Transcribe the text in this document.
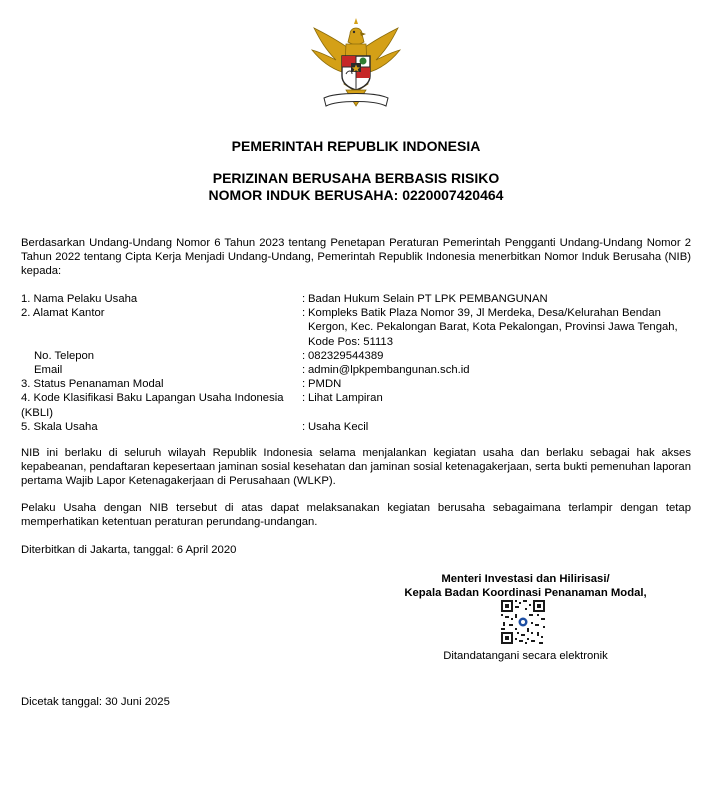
PEMERINTAH REPUBLIK INDONESIA
PERIZINAN BERUSAHA BERBASIS RISIKO
NOMOR INDUK BERUSAHA: 0220007420464
Berdasarkan Undang-Undang Nomor 6 Tahun 2023 tentang Penetapan Peraturan Pemerintah Pengganti Undang-Undang Nomor 2 Tahun 2022 tentang Cipta Kerja Menjadi Undang-Undang, Pemerintah Republik Indonesia menerbitkan Nomor Induk Berusaha (NIB) kepada:
1. Nama Pelaku Usaha	: Badan Hukum Selain PT LPK PEMBANGUNAN
2. Alamat Kantor	: Kompleks Batik Plaza Nomor 39, Jl Merdeka, Desa/Kelurahan Bendan Kergon, Kec. Pekalongan Barat, Kota Pekalongan, Provinsi Jawa Tengah, Kode Pos: 51113
No. Telepon	: 082329544389
Email	: admin@lpkpembangunan.sch.id
3. Status Penanaman Modal	: PMDN
4. Kode Klasifikasi Baku Lapangan Usaha Indonesia (KBLI)
: Lihat Lampiran
5. Skala Usaha	: Usaha Kecil
NIB ini berlaku di seluruh wilayah Republik Indonesia selama menjalankan kegiatan usaha dan berlaku sebagai hak akses kepabeanan, pendaftaran kepesertaan jaminan sosial kesehatan dan jaminan sosial ketenagakerjaan, serta bukti pemenuhan laporan pertama Wajib Lapor Ketenagakerjaan di Perusahaan (WLKP).
Pelaku Usaha dengan NIB tersebut di atas dapat melaksanakan kegiatan berusaha sebagaimana terlampir dengan tetap memperhatikan ketentuan peraturan perundang-undangan.
Diterbitkan di Jakarta, tanggal: 6 April 2020
Menteri Investasi dan Hilirisasi/
Kepala Badan Koordinasi Penanaman Modal,
Ditandatangani secara elektronik
Dicetak tanggal: 30 Juni 2025
